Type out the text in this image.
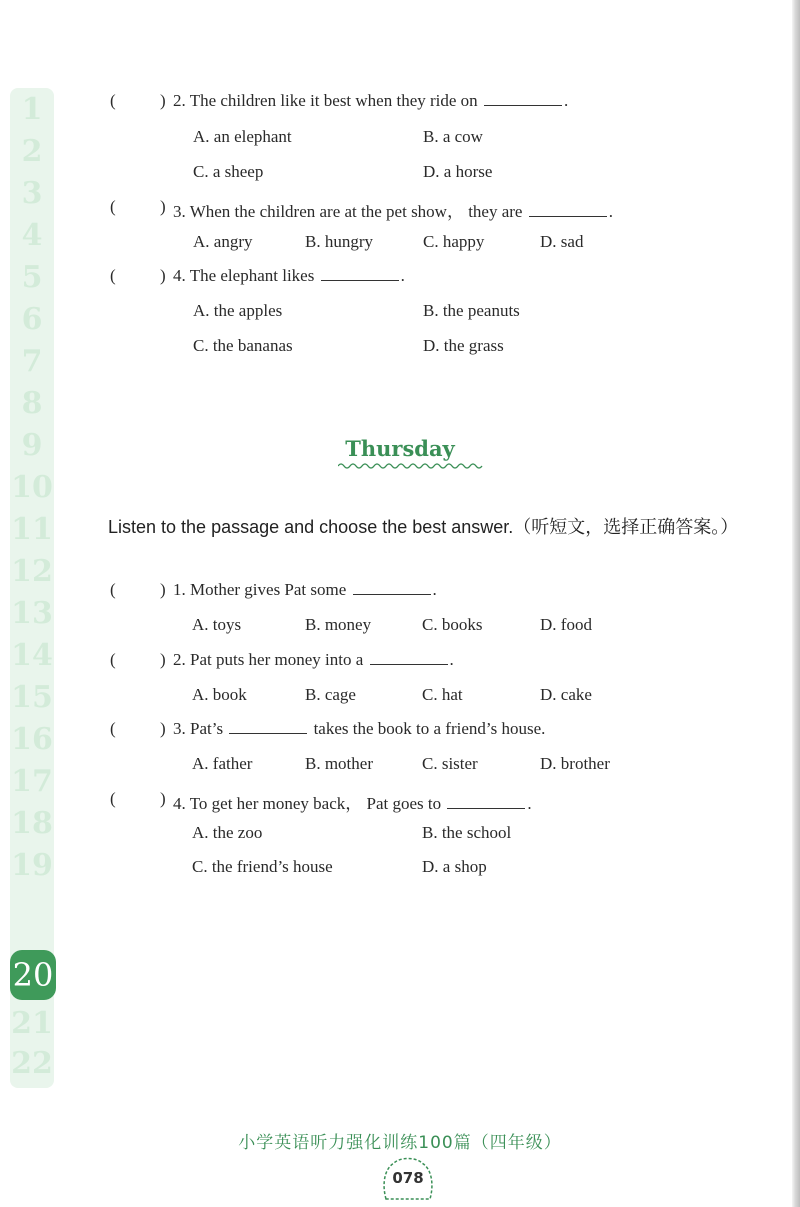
1
2
3
4
5
6
7
8
9
10
11
12
13
14
15
16
17
18
19
21
22
20
(	) 2. The children like it best when they ride on	.
A. an elephant	B. a cow
C. a sheep	D. a horse
(	) 3. When the children are at the pet show， they are	.
A. angry	B. hungry	C. happy	D. sad
(	) 4. The elephant likes	.
A. the apples	B. the peanuts
C. the bananas	D. the grass
Thursday
Listen to the passage and choose the best answer.（听短文，选择正确答案。）
(	) 1. Mother gives Pat some	.
A. toys	B. money	C. books	D. food
(	) 2. Pat puts her money into a	.
A. book	B. cage	C. hat	D. cake
(	) 3. Pat’s	takes the book to a friend’s house.
A. father	B. mother	C. sister	D. brother
(	) 4. To get her money back， Pat goes to	.
A. the zoo	B. the school
C. the friend’s house	D. a shop
小学英语听力强化训练100篇（四年级）
078
